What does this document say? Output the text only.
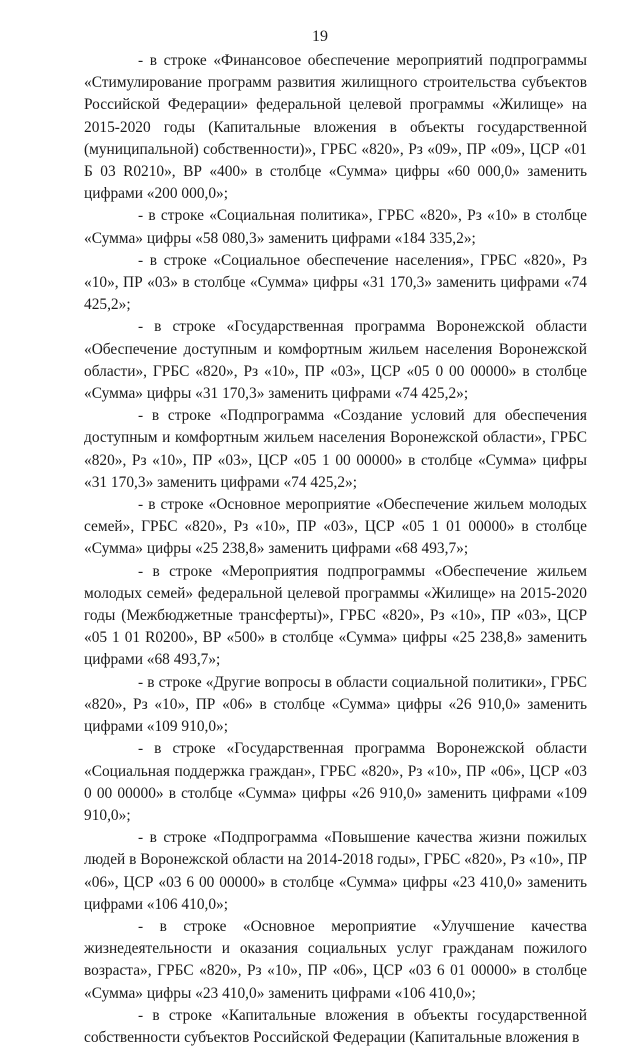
19

- в строке «Финансовое обеспечение мероприятий подпрограммы «Стимулирование программ развития жилищного строительства субъектов Российской Федерации» федеральной целевой программы «Жилище» на 2015-2020 годы (Капитальные вложения в объекты государственной (муниципальной) собственности)», ГРБС «820», Рз «09», ПР «09», ЦСР «01 Б 03 R0210», ВР «400» в столбце «Сумма» цифры «60 000,0» заменить цифрами «200 000,0»;

- в строке «Социальная политика», ГРБС «820», Рз «10» в столбце «Сумма» цифры «58 080,3» заменить цифрами «184 335,2»;

- в строке «Социальное обеспечение населения», ГРБС «820», Рз «10», ПР «03» в столбце «Сумма» цифры «31 170,3» заменить цифрами «74 425,2»;

- в строке «Государственная программа Воронежской области «Обеспечение доступным и комфортным жильем населения Воронежской области», ГРБС «820», Рз «10», ПР «03», ЦСР «05 0 00 00000» в столбце «Сумма» цифры «31 170,3» заменить цифрами «74 425,2»;

- в строке «Подпрограмма «Создание условий для обеспечения доступным и комфортным жильем населения Воронежской области», ГРБС «820», Рз «10», ПР «03», ЦСР «05 1 00 00000» в столбце «Сумма» цифры «31 170,3» заменить цифрами «74 425,2»;

- в строке «Основное мероприятие «Обеспечение жильем молодых семей», ГРБС «820», Рз «10», ПР «03», ЦСР «05 1 01 00000» в столбце «Сумма» цифры «25 238,8» заменить цифрами «68 493,7»;

- в строке «Мероприятия подпрограммы «Обеспечение жильем молодых семей» федеральной целевой программы «Жилище» на 2015-2020 годы (Межбюджетные трансферты)», ГРБС «820», Рз «10», ПР «03», ЦСР «05 1 01 R0200», ВР «500» в столбце «Сумма» цифры «25 238,8» заменить цифрами «68 493,7»;

- в строке «Другие вопросы в области социальной политики», ГРБС «820», Рз «10», ПР «06» в столбце «Сумма» цифры «26 910,0» заменить цифрами «109 910,0»;

- в строке «Государственная программа Воронежской области «Социальная поддержка граждан», ГРБС «820», Рз «10», ПР «06», ЦСР «03 0 00 00000» в столбце «Сумма» цифры «26 910,0» заменить цифрами «109 910,0»;

- в строке «Подпрограмма «Повышение качества жизни пожилых людей в Воронежской области на 2014-2018 годы», ГРБС «820», Рз «10», ПР «06», ЦСР «03 6 00 00000» в столбце «Сумма» цифры «23 410,0» заменить цифрами «106 410,0»;

- в строке «Основное мероприятие «Улучшение качества жизнедеятельности и оказания социальных услуг гражданам пожилого возраста», ГРБС «820», Рз «10», ПР «06», ЦСР «03 6 01 00000» в столбце «Сумма» цифры «23 410,0» заменить цифрами «106 410,0»;

- в строке «Капитальные вложения в объекты государственной собственности субъектов Российской Федерации (Капитальные вложения в
